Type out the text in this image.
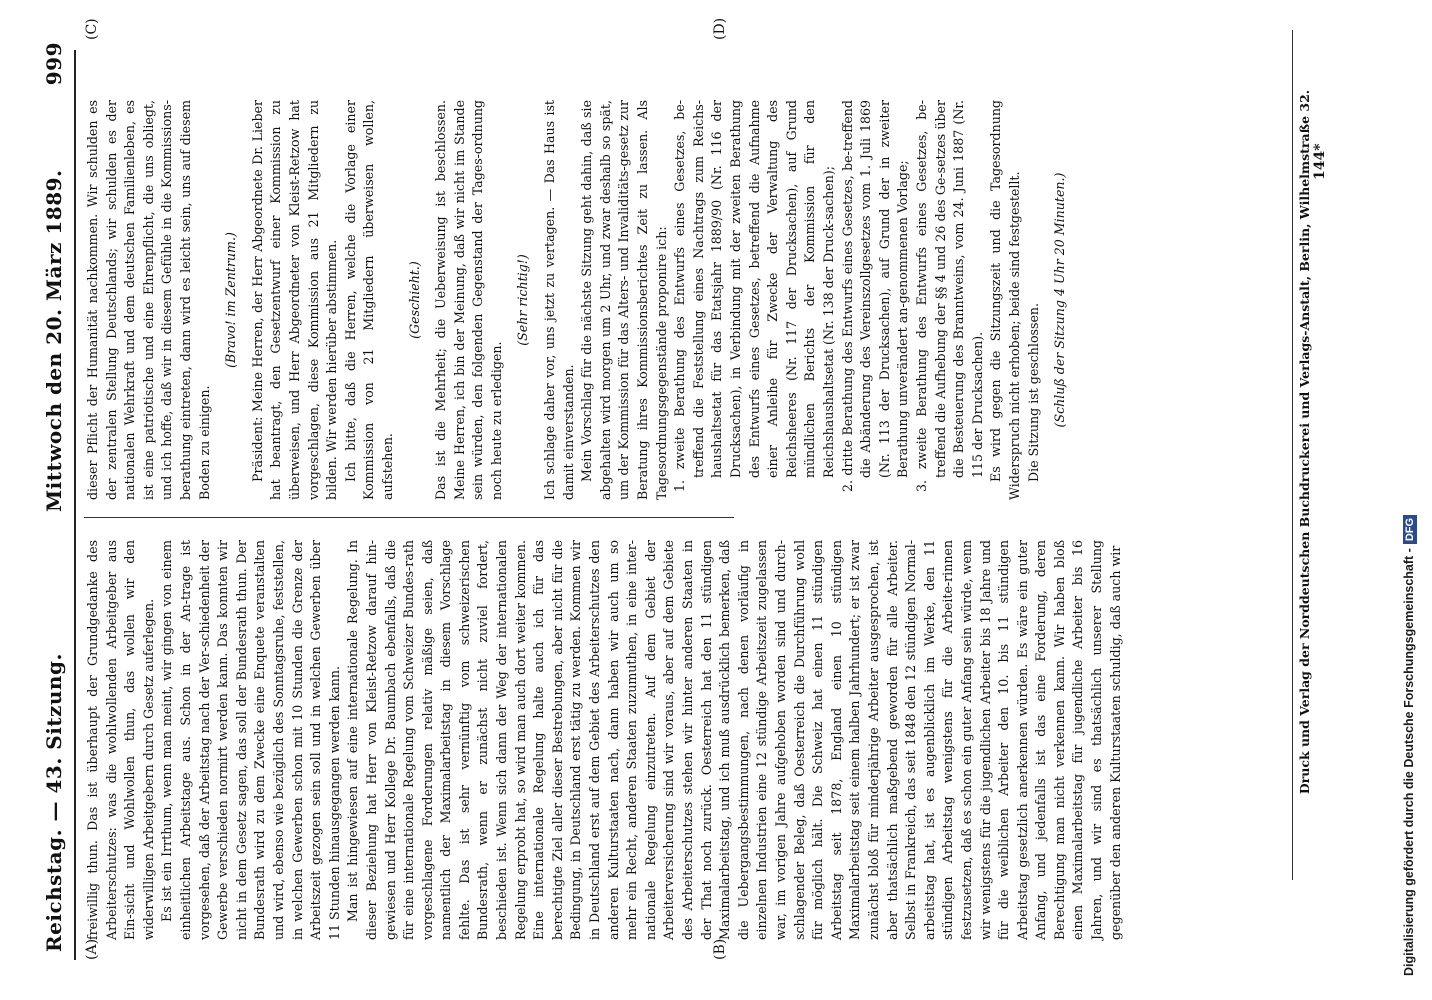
Reichstag. — 43. Sitzung.
Mittwoch den 20. März 1889.
999
(A)	(B)
(C)	(D)

freiwillig thun. Das ist überhaupt der Grundgedanke des Arbeiterschutzes: was die wohlwollenden Arbeitgeber aus Ein-sicht und Wohlwollen thun, das wollen wir den widerwilligen Arbeitgebern durch Gesetz auferlegen. Es ist ein Irrthum, wenn man meint, wir gingen von einem einheitlichen Arbeitstage aus. Schon in der An-trage ist vorgesehen, daß der Arbeitstag nach der Ver-schiedenheit der Gewerbe verschieden normirt werden kann. Das konnten wir nicht in dem Gesetz sagen, das soll der Bundesrath thun. Der Bundesrath wird zu dem Zwecke eine Enquete veranstalten und wird, ebenso wie bezüglich des Sonntagsruhe, feststellen, in welchen Gewerben schon mit 10 Stunden die Grenze der Arbeitszeit gezogen sein soll und in welchen Gewerben über 11 Stunden hinausgegangen werden kann. Man ist hingewiesen auf eine internationale Regelung. In dieser Beziehung hat Herr von Kleist-Retzow darauf hin-gewiesen und Herr Kollege Dr. Baumbach ebenfalls, daß die für eine internationale Regelung vom Schweizer Bundes-rath vorgeschlagene Forderungen relativ mäßige seien, daß namentlich der Maximalarbeitstag in diesem Vorschlage fehlte. Das ist sehr vernünftig vom schweizerischen Bundesrath, wenn er zunächst nicht zuviel fordert, beschieden ist. Wenn sich dann der Weg der internationalen Regelung erprobt hat, so wird man auch dort weiter kommen. Eine internationale Regelung halte auch ich für das berechtigte Ziel aller dieser Bestrebungen, aber nicht für die Bedingung, in Deutschland erst tätig zu werden. Kommen wir in Deutschland erst auf dem Gebiet des Arbeiterschutzes den anderen Kulturstaaten nach, dann haben wir auch um so mehr ein Recht, anderen Staaten zuzumuthen, in eine inter-nationale Regelung einzutreten. Auf dem Gebiet der Arbeiterversicherung sind wir voraus, aber auf dem Gebiete des Arbeiterschutzes stehen wir hinter anderen Staaten in der That noch zurück. Oesterreich hat den 11 stündigen Maximalarbeitstag, und ich muß ausdrücklich bemerken, daß die Uebergangsbestimmungen, nach denen vorläufig in einzelnen Industrien eine 12 stündige Arbeitszeit zugelassen war, im vorigen Jahre aufgehoben worden sind und durch-schlagender Beleg, daß Oesterreich die Durchführung wohl für möglich hält. Die Schweiz hat einen 11 stündigen Arbeitstag seit 1878, England einen 10 stündigen Maximalarbeitstag seit einem halben Jahrhundert; er ist zwar zunächst bloß für minderjährige Arbeiter ausgesprochen, ist aber thatsächlich maßgebend geworden für alle Arbeiter. Selbst in Frankreich, das seit 1848 den 12 stündigen Normal-arbeitstag hat, ist es augenblicklich im Werke, den 11 stündigen Arbeitstag wenigstens für die Arbeite-rinnen festzusetzen, daß es schon ein guter Anfang sein würde, wenn wir wenigstens für die jugendlichen Arbeiter bis 18 Jahre und für die weiblichen Arbeiter den 10. bis 11 stündigen Arbeitstag gesetzlich anerkennen würden. Es wäre ein guter Anfang, und jedenfalls ist das eine Forderung, deren Berechtigung man nicht verkennen kann. Wir haben bloß einen Maximalarbeitstag für jugendliche Arbeiter bis 16 Jahren, und wir sind es thatsächlich unserer Stellung gegenüber den anderen Kulturstaaten schuldig, daß auch wir

dieser Pflicht der Humanität nachkommen. Wir schulden es der zentralen Stellung Deutschlands; wir schulden es der nationalen Wehrkraft und dem deutschen Familienleben, es ist eine patriotische und eine Ehrenpflicht, die uns obliegt, und ich hoffe, daß wir in diesem Gefühle in die Kommissions-berathung eintreten, dann wird es leicht sein, uns auf diesem Boden zu einigen.

(Bravo! im Zentrum.) Präsident: Meine Herren, der Herr Abgeordnete Dr. Lieber hat beantragt, den Gesetzentwurf einer Kommission zu überweisen, und Herr Abgeordneter von Kleist-Retzow hat vorgeschlagen, diese Kommission aus 21 Mitgliedern zu bilden. Wir werden hierüber abstimmen. Ich bitte, daß die Herren, welche die Vorlage einer Kommission von 21 Mitgliedern überweisen wollen, aufstehen.

(Geschieht.) Das ist die Mehrheit; die Ueberweisung ist beschlossen. Meine Herren, ich bin der Meinung, daß wir nicht im Stande sein würden, den folgenden Gegenstand der Tages-ordnung noch heute zu erledigen.

(Sehr richtig!) Ich schlage daher vor, uns jetzt zu vertagen. — Das Haus ist damit einverstanden. Mein Vorschlag für die nächste Sitzung geht dahin, daß sie abgehalten wird morgen um 2 Uhr, und zwar deshalb so spät, um der Kommission für das Alters- und Invaliditäts-gesetz zur Beratung ihres Kommissionsberichtes Zeit zu lassen. Als Tagesordnungsgegenstände proponire ich: 1. zweite Berathung des Entwurfs eines Gesetzes, be-treffend die Feststellung eines Nachtrags zum Reichs-haushaltsetat für das Etatsjahr 1889/90 (Nr. 116 der Drucksachen), in Verbindung mit der zweiten Berathung des Entwurfs eines Gesetzes, betreffend die Aufnahme einer Anleihe für Zwecke der Verwaltung des Reichsheeres (Nr. 117 der Drucksachen), auf Grund mündlichen Berichts der Kommission für den Reichshaushaltsetat (Nr. 138 der Druck-sachen); 2. dritte Berathung des Entwurfs eines Gesetzes, be-treffend die Abänderung des Vereinszollgesetzes vom 1. Juli 1869 (Nr. 113 der Drucksachen), auf Grund der in zweiter Berathung unverändert an-genommenen Vorlage; 3. zweite Berathung des Entwurfs eines Gesetzes, be-treffend die Aufhebung der §§ 4 und 26 des Ge-setzes über die Besteuerung des Branntweins, vom 24. Juni 1887 (Nr. 115 der Drucksachen). Es wird gegen die Sitzungszeit und die Tagesordnung Widerspruch nicht erhoben; beide sind festgestellt. Die Sitzung ist geschlossen. (Schluß der Sitzung 4 Uhr 20 Minuten.)	Druck und Verlag der Norddeutschen Buchdruckerei und Verlags-Anstalt, Berlin, Wilhelmstraße 32. 144*
Digitalisierung gefördert durch die Deutsche Forschungsgemeinschaft -DFG
